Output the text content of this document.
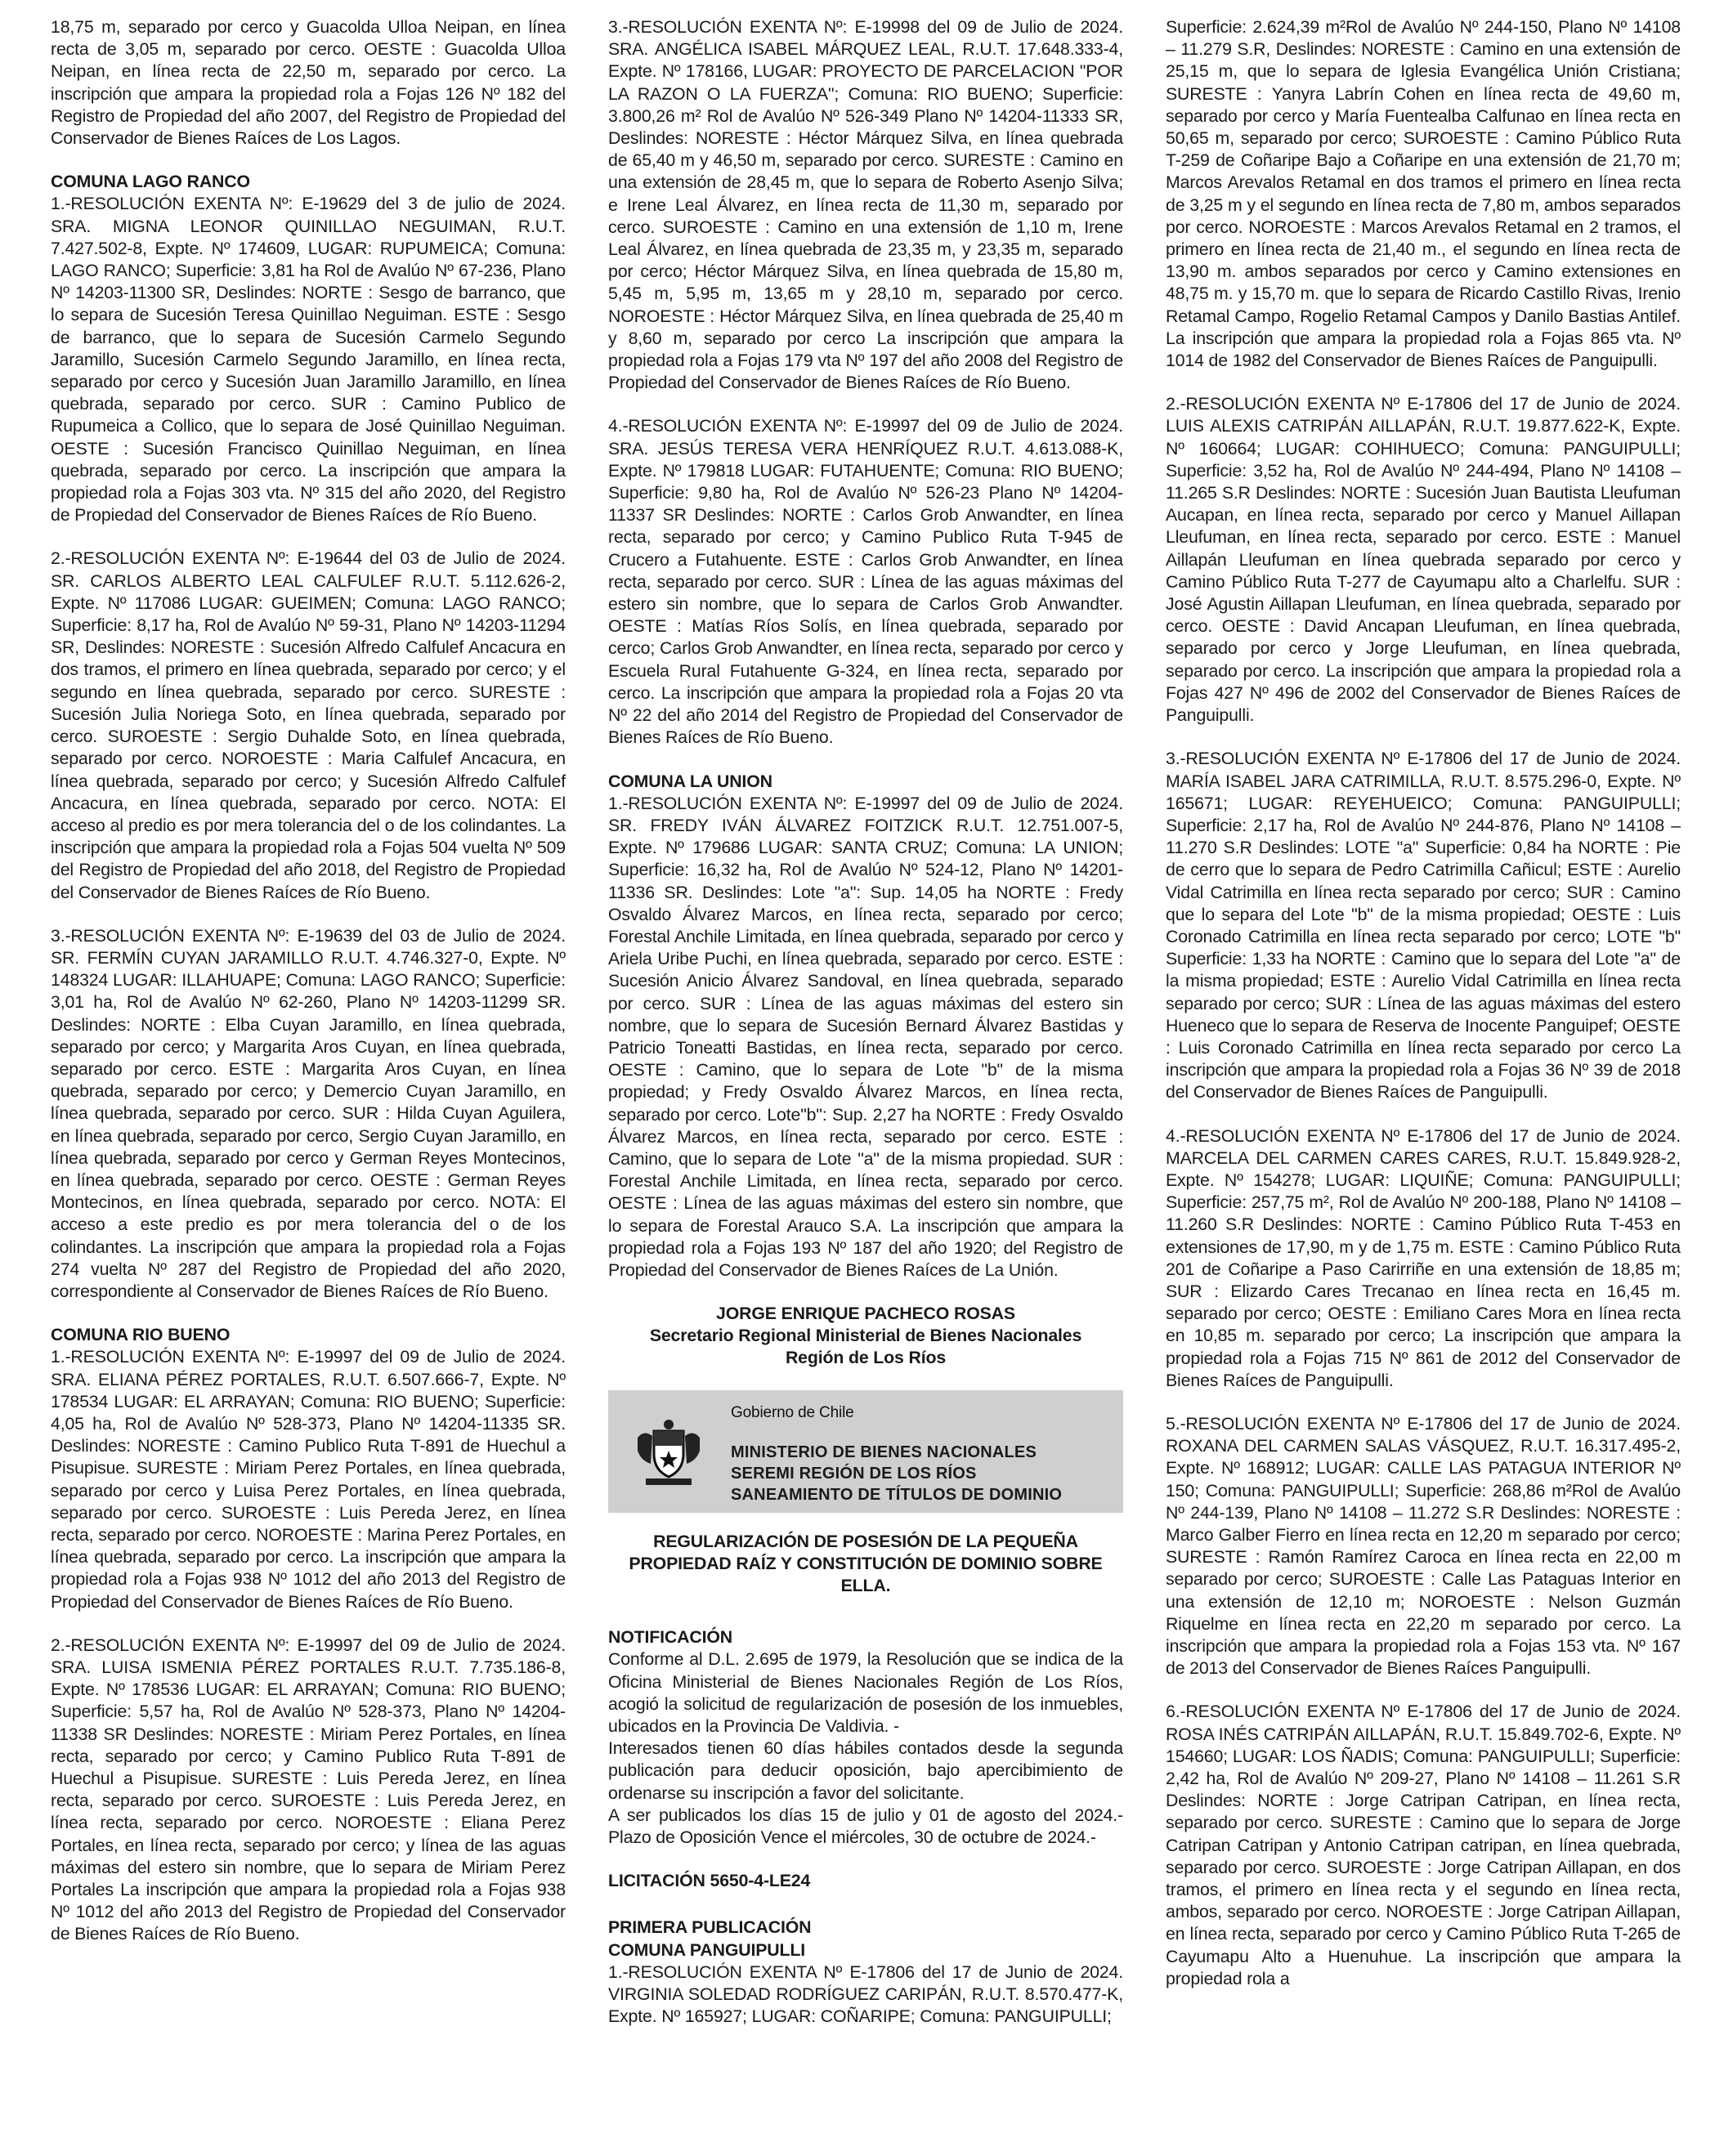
18,75 m, separado por cerco y Guacolda Ulloa Neipan, en línea recta de 3,05 m, separado por cerco. OESTE : Guacolda Ulloa Neipan, en línea recta de 22,50 m, separado por cerco. La inscripción que ampara la propiedad rola a Fojas 126 Nº 182 del Registro de Propiedad del año 2007, del Registro de Propiedad del Conservador de Bienes Raíces de Los Lagos.

COMUNA LAGO RANCO

1.-RESOLUCIÓN EXENTA Nº: E-19629 del 3 de julio de 2024. SRA. MIGNA LEONOR QUINILLAO NEGUIMAN, R.U.T. 7.427.502-8, Expte. Nº 174609, LUGAR: RUPUMEICA; Comuna: LAGO RANCO; Superficie: 3,81 ha Rol de Avalúo Nº 67-236, Plano Nº 14203-11300 SR, Deslindes: NORTE : Sesgo de barranco, que lo separa de Sucesión Teresa Quinillao Neguiman. ESTE : Sesgo de barranco, que lo separa de Sucesión Carmelo Segundo Jaramillo, Sucesión Carmelo Segundo Jaramillo, en línea recta, separado por cerco y Sucesión Juan Jaramillo Jaramillo, en línea quebrada, separado por cerco. SUR : Camino Publico de Rupumeica a Collico, que lo separa de José Quinillao Neguiman. OESTE : Sucesión Francisco Quinillao Neguiman, en línea quebrada, separado por cerco. La inscripción que ampara la propiedad rola a Fojas 303 vta. Nº 315 del año 2020, del Registro de Propiedad del Conservador de Bienes Raíces de Río Bueno.

2.-RESOLUCIÓN EXENTA Nº: E-19644 del 03 de Julio de 2024. SR. CARLOS ALBERTO LEAL CALFULEF R.U.T. 5.112.626-2, Expte. Nº 117086 LUGAR: GUEIMEN; Comuna: LAGO RANCO; Superficie: 8,17 ha, Rol de Avalúo Nº 59-31, Plano Nº 14203-11294 SR, Deslindes: NORESTE : Sucesión Alfredo Calfulef Ancacura en dos tramos, el primero en línea quebrada, separado por cerco; y el segundo en línea quebrada, separado por cerco. SURESTE : Sucesión Julia Noriega Soto, en línea quebrada, separado por cerco. SUROESTE : Sergio Duhalde Soto, en línea quebrada, separado por cerco. NOROESTE : Maria Calfulef Ancacura, en línea quebrada, separado por cerco; y Sucesión Alfredo Calfulef Ancacura, en línea quebrada, separado por cerco. NOTA: El acceso al predio es por mera tolerancia del o de los colindantes. La inscripción que ampara la propiedad rola a Fojas 504 vuelta Nº 509 del Registro de Propiedad del año 2018, del Registro de Propiedad del Conservador de Bienes Raíces de Río Bueno.

3.-RESOLUCIÓN EXENTA Nº: E-19639 del 03 de Julio de 2024. SR. FERMÍN CUYAN JARAMILLO R.U.T. 4.746.327-0, Expte. Nº 148324 LUGAR: ILLAHUAPE; Comuna: LAGO RANCO; Superficie: 3,01 ha, Rol de Avalúo Nº 62-260, Plano Nº 14203-11299 SR. Deslindes: NORTE : Elba Cuyan Jaramillo, en línea quebrada, separado por cerco; y Margarita Aros Cuyan, en línea quebrada, separado por cerco. ESTE : Margarita Aros Cuyan, en línea quebrada, separado por cerco; y Demercio Cuyan Jaramillo, en línea quebrada, separado por cerco. SUR : Hilda Cuyan Aguilera, en línea quebrada, separado por cerco, Sergio Cuyan Jaramillo, en línea quebrada, separado por cerco y German Reyes Montecinos, en línea quebrada, separado por cerco. OESTE : German Reyes Montecinos, en línea quebrada, separado por cerco. NOTA: El acceso a este predio es por mera tolerancia del o de los colindantes. La inscripción que ampara la propiedad rola a Fojas 274 vuelta Nº 287 del Registro de Propiedad del año 2020, correspondiente al Conservador de Bienes Raíces de Río Bueno.

COMUNA RIO BUENO

1.-RESOLUCIÓN EXENTA Nº: E-19997 del 09 de Julio de 2024. SRA. ELIANA PÉREZ PORTALES, R.U.T. 6.507.666-7, Expte. Nº 178534 LUGAR: EL ARRAYAN; Comuna: RIO BUENO; Superficie: 4,05 ha, Rol de Avalúo Nº 528-373, Plano Nº 14204-11335 SR. Deslindes: NORESTE : Camino Publico Ruta T-891 de Huechul a Pisupisue. SURESTE : Miriam Perez Portales, en línea quebrada, separado por cerco y Luisa Perez Portales, en línea quebrada, separado por cerco. SUROESTE : Luis Pereda Jerez, en línea recta, separado por cerco. NOROESTE : Marina Perez Portales, en línea quebrada, separado por cerco. La inscripción que ampara la propiedad rola a Fojas 938 Nº 1012 del año 2013 del Registro de Propiedad del Conservador de Bienes Raíces de Río Bueno.

2.-RESOLUCIÓN EXENTA Nº: E-19997 del 09 de Julio de 2024. SRA. LUISA ISMENIA PÉREZ PORTALES R.U.T. 7.735.186-8, Expte. Nº 178536 LUGAR: EL ARRAYAN; Comuna: RIO BUENO; Superficie: 5,57 ha, Rol de Avalúo Nº 528-373, Plano Nº 14204-11338 SR Deslindes: NORESTE : Miriam Perez Portales, en línea recta, separado por cerco; y Camino Publico Ruta T-891 de Huechul a Pisupisue. SURESTE : Luis Pereda Jerez, en línea recta, separado por cerco. SUROESTE : Luis Pereda Jerez, en línea recta, separado por cerco. NOROESTE : Eliana Perez Portales, en línea recta, separado por cerco; y línea de las aguas máximas del estero sin nombre, que lo separa de Miriam Perez Portales La inscripción que ampara la propiedad rola a Fojas 938 Nº 1012 del año 2013 del Registro de Propiedad del Conservador de Bienes Raíces de Río Bueno.

3.-RESOLUCIÓN EXENTA Nº: E-19998 del 09 de Julio de 2024. SRA. ANGÉLICA ISABEL MÁRQUEZ LEAL, R.U.T. 17.648.333-4, Expte. Nº 178166, LUGAR: PROYECTO DE PARCELACION "POR LA RAZON O LA FUERZA"; Comuna: RIO BUENO; Superficie: 3.800,26 m² Rol de Avalúo Nº 526-349 Plano Nº 14204-11333 SR, Deslindes: NORESTE : Héctor Márquez Silva, en línea quebrada de 65,40 m y 46,50 m, separado por cerco. SURESTE : Camino en una extensión de 28,45 m, que lo separa de Roberto Asenjo Silva; e Irene Leal Álvarez, en línea recta de 11,30 m, separado por cerco. SUROESTE : Camino en una extensión de 1,10 m, Irene Leal Álvarez, en línea quebrada de 23,35 m, y 23,35 m, separado por cerco; Héctor Márquez Silva, en línea quebrada de 15,80 m, 5,45 m, 5,95 m, 13,65 m y 28,10 m, separado por cerco. NOROESTE : Héctor Márquez Silva, en línea quebrada de 25,40 m y 8,60 m, separado por cerco La inscripción que ampara la propiedad rola a Fojas 179 vta Nº 197 del año 2008 del Registro de Propiedad del Conservador de Bienes Raíces de Río Bueno.

4.-RESOLUCIÓN EXENTA Nº: E-19997 del 09 de Julio de 2024. SRA. JESÚS TERESA VERA HENRÍQUEZ R.U.T. 4.613.088-K, Expte. Nº 179818 LUGAR: FUTAHUENTE; Comuna: RIO BUENO; Superficie: 9,80 ha, Rol de Avalúo Nº 526-23 Plano Nº 14204-11337 SR Deslindes: NORTE : Carlos Grob Anwandter, en línea recta, separado por cerco; y Camino Publico Ruta T-945 de Crucero a Futahuente. ESTE : Carlos Grob Anwandter, en línea recta, separado por cerco. SUR : Línea de las aguas máximas del estero sin nombre, que lo separa de Carlos Grob Anwandter. OESTE : Matías Ríos Solís, en línea quebrada, separado por cerco; Carlos Grob Anwandter, en línea recta, separado por cerco y Escuela Rural Futahuente G-324, en línea recta, separado por cerco. La inscripción que ampara la propiedad rola a Fojas 20 vta Nº 22 del año 2014 del Registro de Propiedad del Conservador de Bienes Raíces de Río Bueno.

COMUNA LA UNION

1.-RESOLUCIÓN EXENTA Nº: E-19997 del 09 de Julio de 2024. SR. FREDY IVÁN ÁLVAREZ FOITZICK R.U.T. 12.751.007-5, Expte. Nº 179686 LUGAR: SANTA CRUZ; Comuna: LA UNION; Superficie: 16,32 ha, Rol de Avalúo Nº 524-12, Plano Nº 14201-11336 SR. Deslindes: Lote "a": Sup. 14,05 ha NORTE : Fredy Osvaldo Álvarez Marcos, en línea recta, separado por cerco; Forestal Anchile Limitada, en línea quebrada, separado por cerco y Ariela Uribe Puchi, en línea quebrada, separado por cerco. ESTE : Sucesión Anicio Álvarez Sandoval, en línea quebrada, separado por cerco. SUR : Línea de las aguas máximas del estero sin nombre, que lo separa de Sucesión Bernard Álvarez Bastidas y Patricio Toneatti Bastidas, en línea recta, separado por cerco. OESTE : Camino, que lo separa de Lote "b" de la misma propiedad; y Fredy Osvaldo Álvarez Marcos, en línea recta, separado por cerco. Lote"b": Sup. 2,27 ha NORTE : Fredy Osvaldo Álvarez Marcos, en línea recta, separado por cerco. ESTE : Camino, que lo separa de Lote "a" de la misma propiedad. SUR : Forestal Anchile Limitada, en línea recta, separado por cerco. OESTE : Línea de las aguas máximas del estero sin nombre, que lo separa de Forestal Arauco S.A. La inscripción que ampara la propiedad rola a Fojas 193 Nº 187 del año 1920; del Registro de Propiedad del Conservador de Bienes Raíces de La Unión.

JORGE ENRIQUE PACHECO ROSAS
Secretario Regional Ministerial de Bienes Nacionales
Región de Los Ríos
Gobierno de Chile
MINISTERIO DE BIENES NACIONALES
SEREMI REGIÓN DE LOS RÍOS
SANEAMIENTO DE TÍTULOS DE DOMINIO
REGULARIZACIÓN DE POSESIÓN DE LA PEQUEÑA
PROPIEDAD RAÍZ Y CONSTITUCIÓN DE DOMINIO SOBRE ELLA.
NOTIFICACIÓN
Conforme al D.L. 2.695 de 1979, la Resolución que se indica de la Oficina Ministerial de Bienes Nacionales Región de Los Ríos, acogió la solicitud de regularización de posesión de los inmuebles, ubicados en la Provincia De Valdivia. -
Interesados tienen 60 días hábiles contados desde la segunda publicación para deducir oposición, bajo apercibimiento de ordenarse su inscripción a favor del solicitante.
A ser publicados los días 15 de julio y 01 de agosto del 2024.- Plazo de Oposición Vence el miércoles, 30 de octubre de 2024.-
LICITACIÓN 5650-4-LE24
PRIMERA PUBLICACIÓN
COMUNA PANGUIPULLI

1.-RESOLUCIÓN EXENTA Nº E-17806 del 17 de Junio de 2024. VIRGINIA SOLEDAD RODRÍGUEZ CARIPÁN, R.U.T. 8.570.477-K, Expte. Nº 165927; LUGAR: COÑARIPE; Comuna: PANGUIPULLI;

Superficie: 2.624,39 m²Rol de Avalúo Nº 244-150, Plano Nº 14108 – 11.279 S.R, Deslindes: NORESTE : Camino en una extensión de 25,15 m, que lo separa de Iglesia Evangélica Unión Cristiana; SURESTE : Yanyra Labrín Cohen en línea recta de 49,60 m, separado por cerco y María Fuentealba Calfunao en línea recta en 50,65 m, separado por cerco; SUROESTE : Camino Público Ruta T-259 de Coñaripe Bajo a Coñaripe en una extensión de 21,70 m; Marcos Arevalos Retamal en dos tramos el primero en línea recta de 3,25 m y el segundo en línea recta de 7,80 m, ambos separados por cerco. NOROESTE : Marcos Arevalos Retamal en 2 tramos, el primero en línea recta de 21,40 m., el segundo en línea recta de 13,90 m. ambos separados por cerco y Camino extensiones en 48,75 m. y 15,70 m. que lo separa de Ricardo Castillo Rivas, Irenio Retamal Campo, Rogelio Retamal Campos y Danilo Bastias Antilef. La inscripción que ampara la propiedad rola a Fojas 865 vta. Nº 1014 de 1982 del Conservador de Bienes Raíces de Panguipulli.

2.-RESOLUCIÓN EXENTA Nº E-17806 del 17 de Junio de 2024. LUIS ALEXIS CATRIPÁN AILLAPÁN, R.U.T. 19.877.622-K, Expte. Nº 160664; LUGAR: COHIHUECO; Comuna: PANGUIPULLI; Superficie: 3,52 ha, Rol de Avalúo Nº 244-494, Plano Nº 14108 – 11.265 S.R Deslindes: NORTE : Sucesión Juan Bautista Lleufuman Aucapan, en línea recta, separado por cerco y Manuel Aillapan Lleufuman, en línea recta, separado por cerco. ESTE : Manuel Aillapán Lleufuman en línea quebrada separado por cerco y Camino Público Ruta T-277 de Cayumapu alto a Charlelfu. SUR : José Agustin Aillapan Lleufuman, en línea quebrada, separado por cerco. OESTE : David Ancapan Lleufuman, en línea quebrada, separado por cerco y Jorge Lleufuman, en línea quebrada, separado por cerco. La inscripción que ampara la propiedad rola a Fojas 427 Nº 496 de 2002 del Conservador de Bienes Raíces de Panguipulli.

3.-RESOLUCIÓN EXENTA Nº E-17806 del 17 de Junio de 2024. MARÍA ISABEL JARA CATRIMILLA, R.U.T. 8.575.296-0, Expte. Nº 165671; LUGAR: REYEHUEICO; Comuna: PANGUIPULLI; Superficie: 2,17 ha, Rol de Avalúo Nº 244-876, Plano Nº 14108 – 11.270 S.R Deslindes: LOTE "a" Superficie: 0,84 ha NORTE : Pie de cerro que lo separa de Pedro Catrimilla Cañicul; ESTE : Aurelio Vidal Catrimilla en línea recta separado por cerco; SUR : Camino que lo separa del Lote "b" de la misma propiedad; OESTE : Luis Coronado Catrimilla en línea recta separado por cerco; LOTE "b" Superficie: 1,33 ha NORTE : Camino que lo separa del Lote "a" de la misma propiedad; ESTE : Aurelio Vidal Catrimilla en línea recta separado por cerco; SUR : Línea de las aguas máximas del estero Hueneco que lo separa de Reserva de Inocente Panguipef; OESTE : Luis Coronado Catrimilla en línea recta separado por cerco La inscripción que ampara la propiedad rola a Fojas 36 Nº 39 de 2018 del Conservador de Bienes Raíces de Panguipulli.

4.-RESOLUCIÓN EXENTA Nº E-17806 del 17 de Junio de 2024. MARCELA DEL CARMEN CARES CARES, R.U.T. 15.849.928-2, Expte. Nº 154278; LUGAR: LIQUIÑE; Comuna: PANGUIPULLI; Superficie: 257,75 m², Rol de Avalúo Nº 200-188, Plano Nº 14108 – 11.260 S.R Deslindes: NORTE : Camino Público Ruta T-453 en extensiones de 17,90, m y de 1,75 m. ESTE : Camino Público Ruta 201 de Coñaripe a Paso Carirriñe en una extensión de 18,85 m; SUR : Elizardo Cares Trecanao en línea recta en 16,45 m. separado por cerco; OESTE : Emiliano Cares Mora en línea recta en 10,85 m. separado por cerco; La inscripción que ampara la propiedad rola a Fojas 715 Nº 861 de 2012 del Conservador de Bienes Raíces de Panguipulli.

5.-RESOLUCIÓN EXENTA Nº E-17806 del 17 de Junio de 2024. ROXANA DEL CARMEN SALAS VÁSQUEZ, R.U.T. 16.317.495-2, Expte. Nº 168912; LUGAR: CALLE LAS PATAGUA INTERIOR Nº 150; Comuna: PANGUIPULLI; Superficie: 268,86 m²Rol de Avalúo Nº 244-139, Plano Nº 14108 – 11.272 S.R Deslindes: NORESTE : Marco Galber Fierro en línea recta en 12,20 m separado por cerco; SURESTE : Ramón Ramírez Caroca en línea recta en 22,00 m separado por cerco; SUROESTE : Calle Las Pataguas Interior en una extensión de 12,10 m; NOROESTE : Nelson Guzmán Riquelme en línea recta en 22,20 m separado por cerco. La inscripción que ampara la propiedad rola a Fojas 153 vta. Nº 167 de 2013 del Conservador de Bienes Raíces Panguipulli.

6.-RESOLUCIÓN EXENTA Nº E-17806 del 17 de Junio de 2024. ROSA INÉS CATRIPÁN AILLAPÁN, R.U.T. 15.849.702-6, Expte. Nº 154660; LUGAR: LOS ÑADIS; Comuna: PANGUIPULLI; Superficie: 2,42 ha, Rol de Avalúo Nº 209-27, Plano Nº 14108 – 11.261 S.R Deslindes: NORTE : Jorge Catripan Catripan, en línea recta, separado por cerco. SURESTE : Camino que lo separa de Jorge Catripan Catripan y Antonio Catripan catripan, en línea quebrada, separado por cerco. SUROESTE : Jorge Catripan Aillapan, en dos tramos, el primero en línea recta y el segundo en línea recta, ambos, separado por cerco. NOROESTE : Jorge Catripan Aillapan, en línea recta, separado por cerco y Camino Público Ruta T-265 de Cayumapu Alto a Huenuhue. La inscripción que ampara la propiedad rola a
